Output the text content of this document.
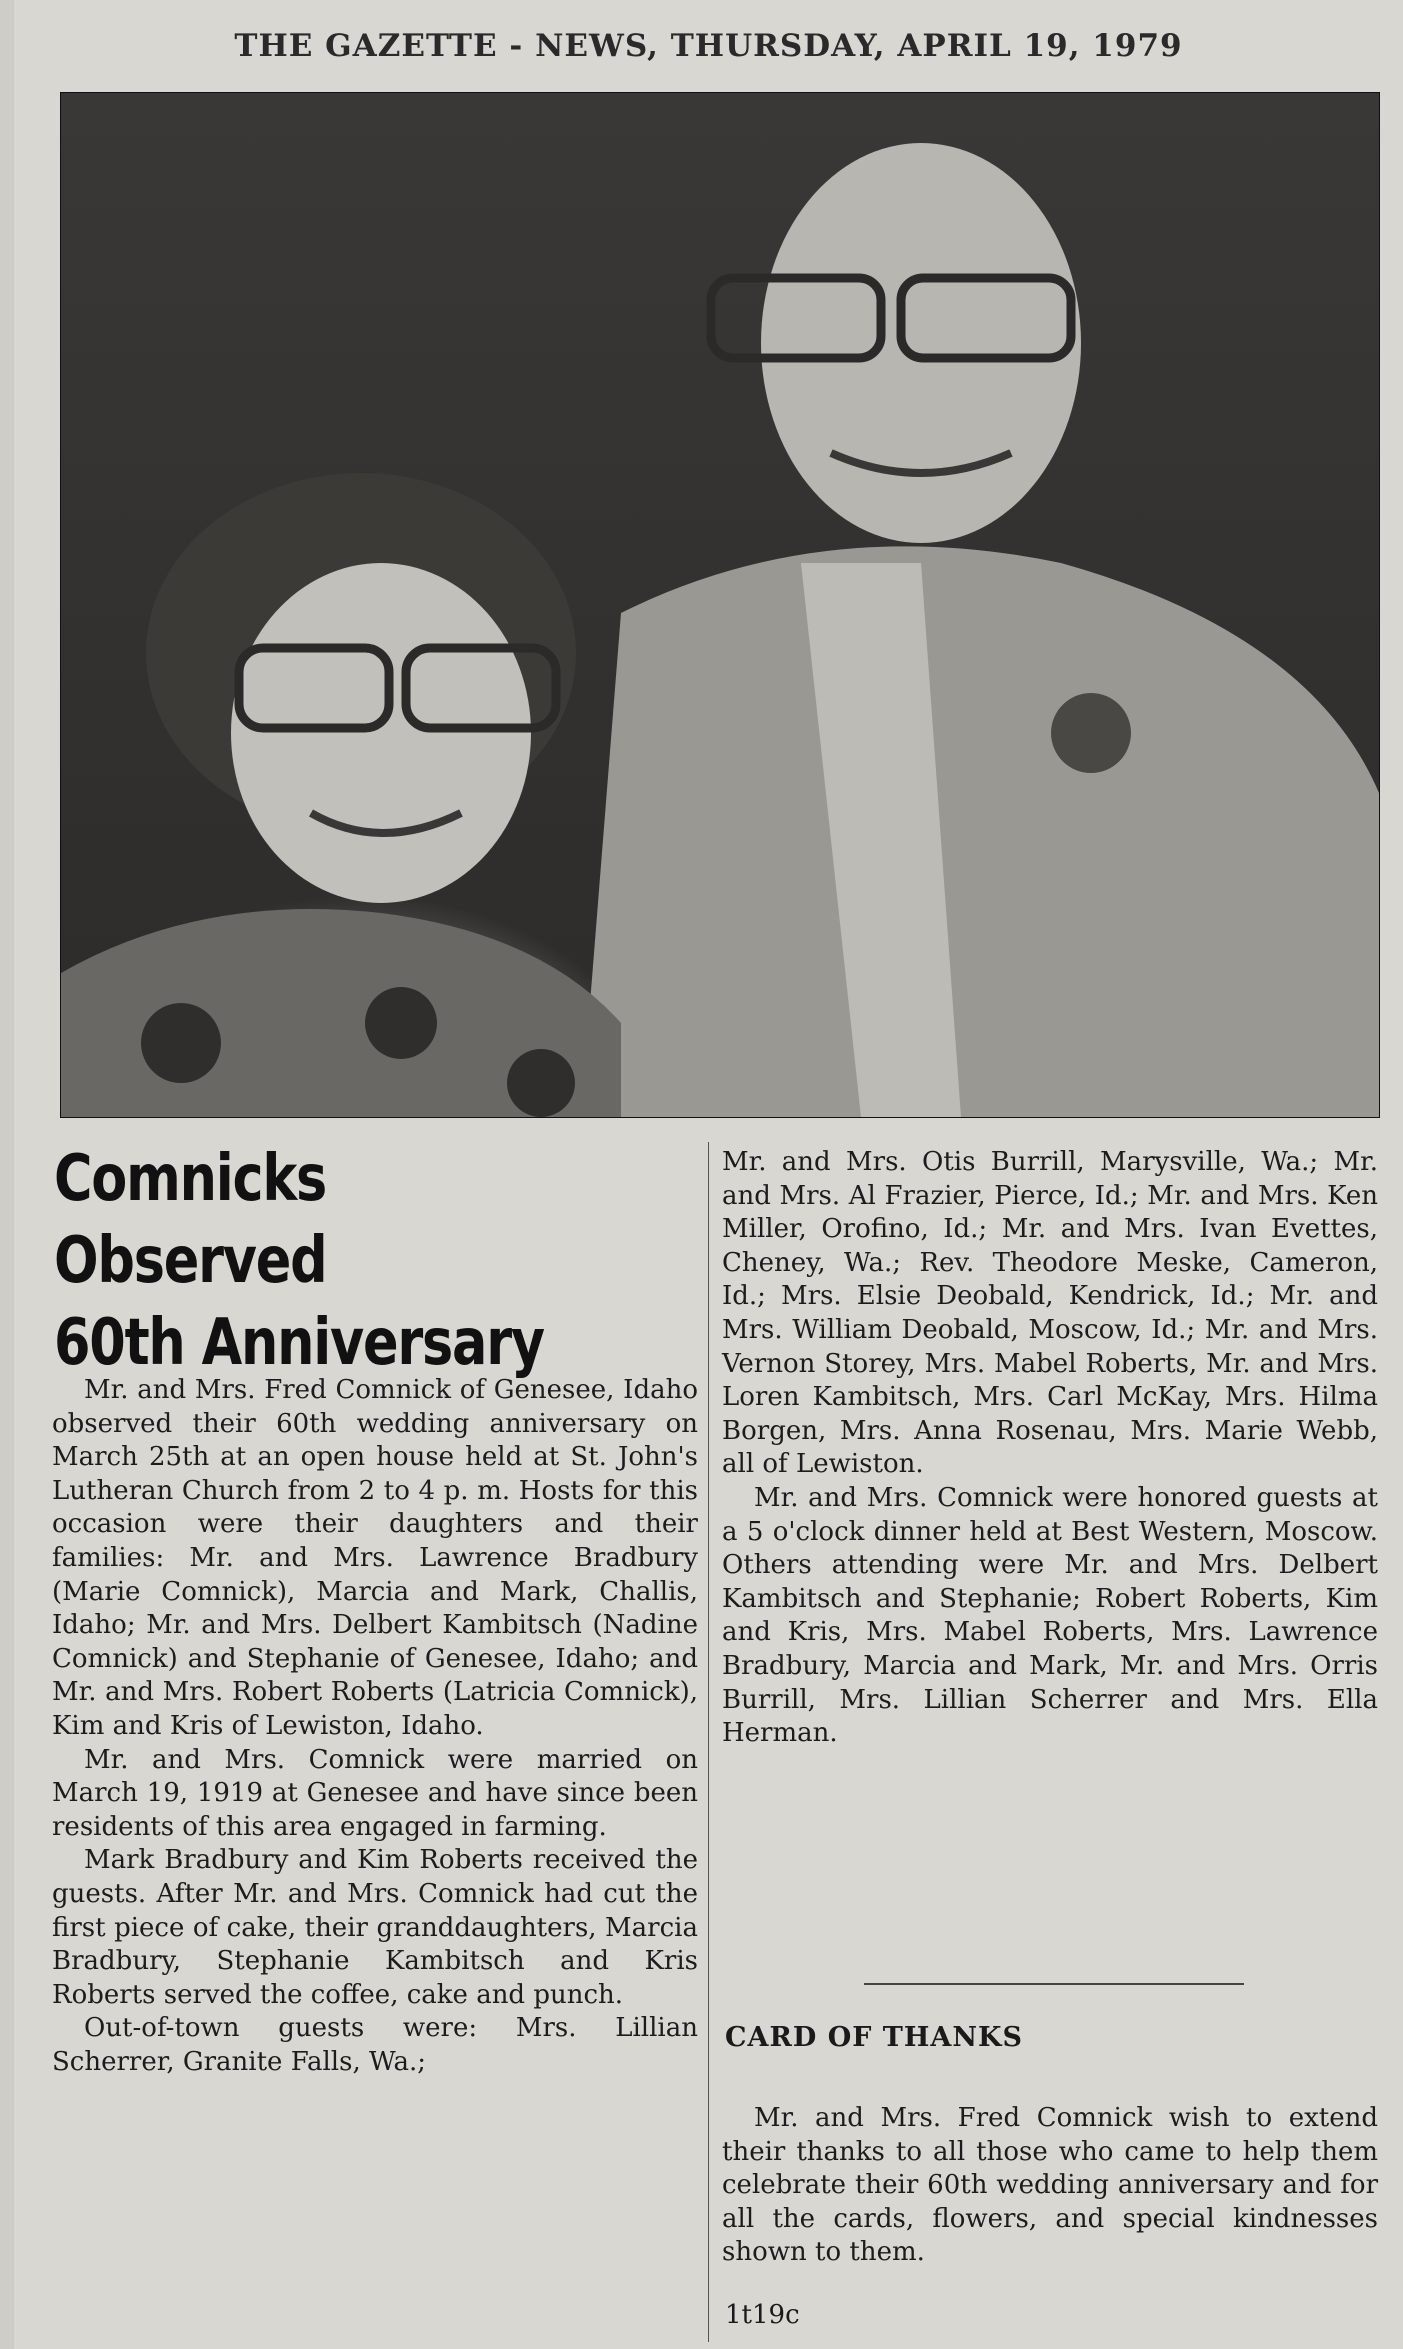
THE GAZETTE - NEWS, THURSDAY, APRIL 19, 1979
Comnicks Observed
60th Anniversary

Mr. and Mrs. Fred Comnick of Genesee, Idaho observed their 60th wedding anniversary on March 25th at an open house held at St. John's Lutheran Church from 2 to 4 p. m. Hosts for this occasion were their daughters and their families: Mr. and Mrs. Lawrence Bradbury (Marie Comnick), Marcia and Mark, Challis, Idaho; Mr. and Mrs. Delbert Kambitsch (Nadine Comnick) and Stephanie of Genesee, Idaho; and Mr. and Mrs. Robert Roberts (Latricia Comnick), Kim and Kris of Lewiston, Idaho.

Mr. and Mrs. Comnick were married on March 19, 1919 at Genesee and have since been residents of this area engaged in farming.

Mark Bradbury and Kim Roberts received the guests. After Mr. and Mrs. Comnick had cut the first piece of cake, their granddaughters, Marcia Bradbury, Stephanie Kambitsch and Kris Roberts served the coffee, cake and punch.

Out-of-town guests were: Mrs. Lillian Scherrer, Granite Falls, Wa.;

Mr. and Mrs. Otis Burrill, Marysville, Wa.; Mr. and Mrs. Al Frazier, Pierce, Id.; Mr. and Mrs. Ken Miller, Orofino, Id.; Mr. and Mrs. Ivan Evettes, Cheney, Wa.; Rev. Theodore Meske, Cameron, Id.; Mrs. Elsie Deobald, Kendrick, Id.; Mr. and Mrs. William Deobald, Moscow, Id.; Mr. and Mrs. Vernon Storey, Mrs. Mabel Roberts, Mr. and Mrs. Loren Kambitsch, Mrs. Carl McKay, Mrs. Hilma Borgen, Mrs. Anna Rosenau, Mrs. Marie Webb, all of Lewiston.

Mr. and Mrs. Comnick were honored guests at a 5 o'clock dinner held at Best Western, Moscow. Others attending were Mr. and Mrs. Delbert Kambitsch and Stephanie; Robert Roberts, Kim and Kris, Mrs. Mabel Roberts, Mrs. Lawrence Bradbury, Marcia and Mark, Mr. and Mrs. Orris Burrill, Mrs. Lillian Scherrer and Mrs. Ella Herman.

CARD OF THANKS

Mr. and Mrs. Fred Comnick wish to extend their thanks to all those who came to help them celebrate their 60th wedding anniversary and for all the cards, flowers, and special kindnesses shown to them.

1t19c
